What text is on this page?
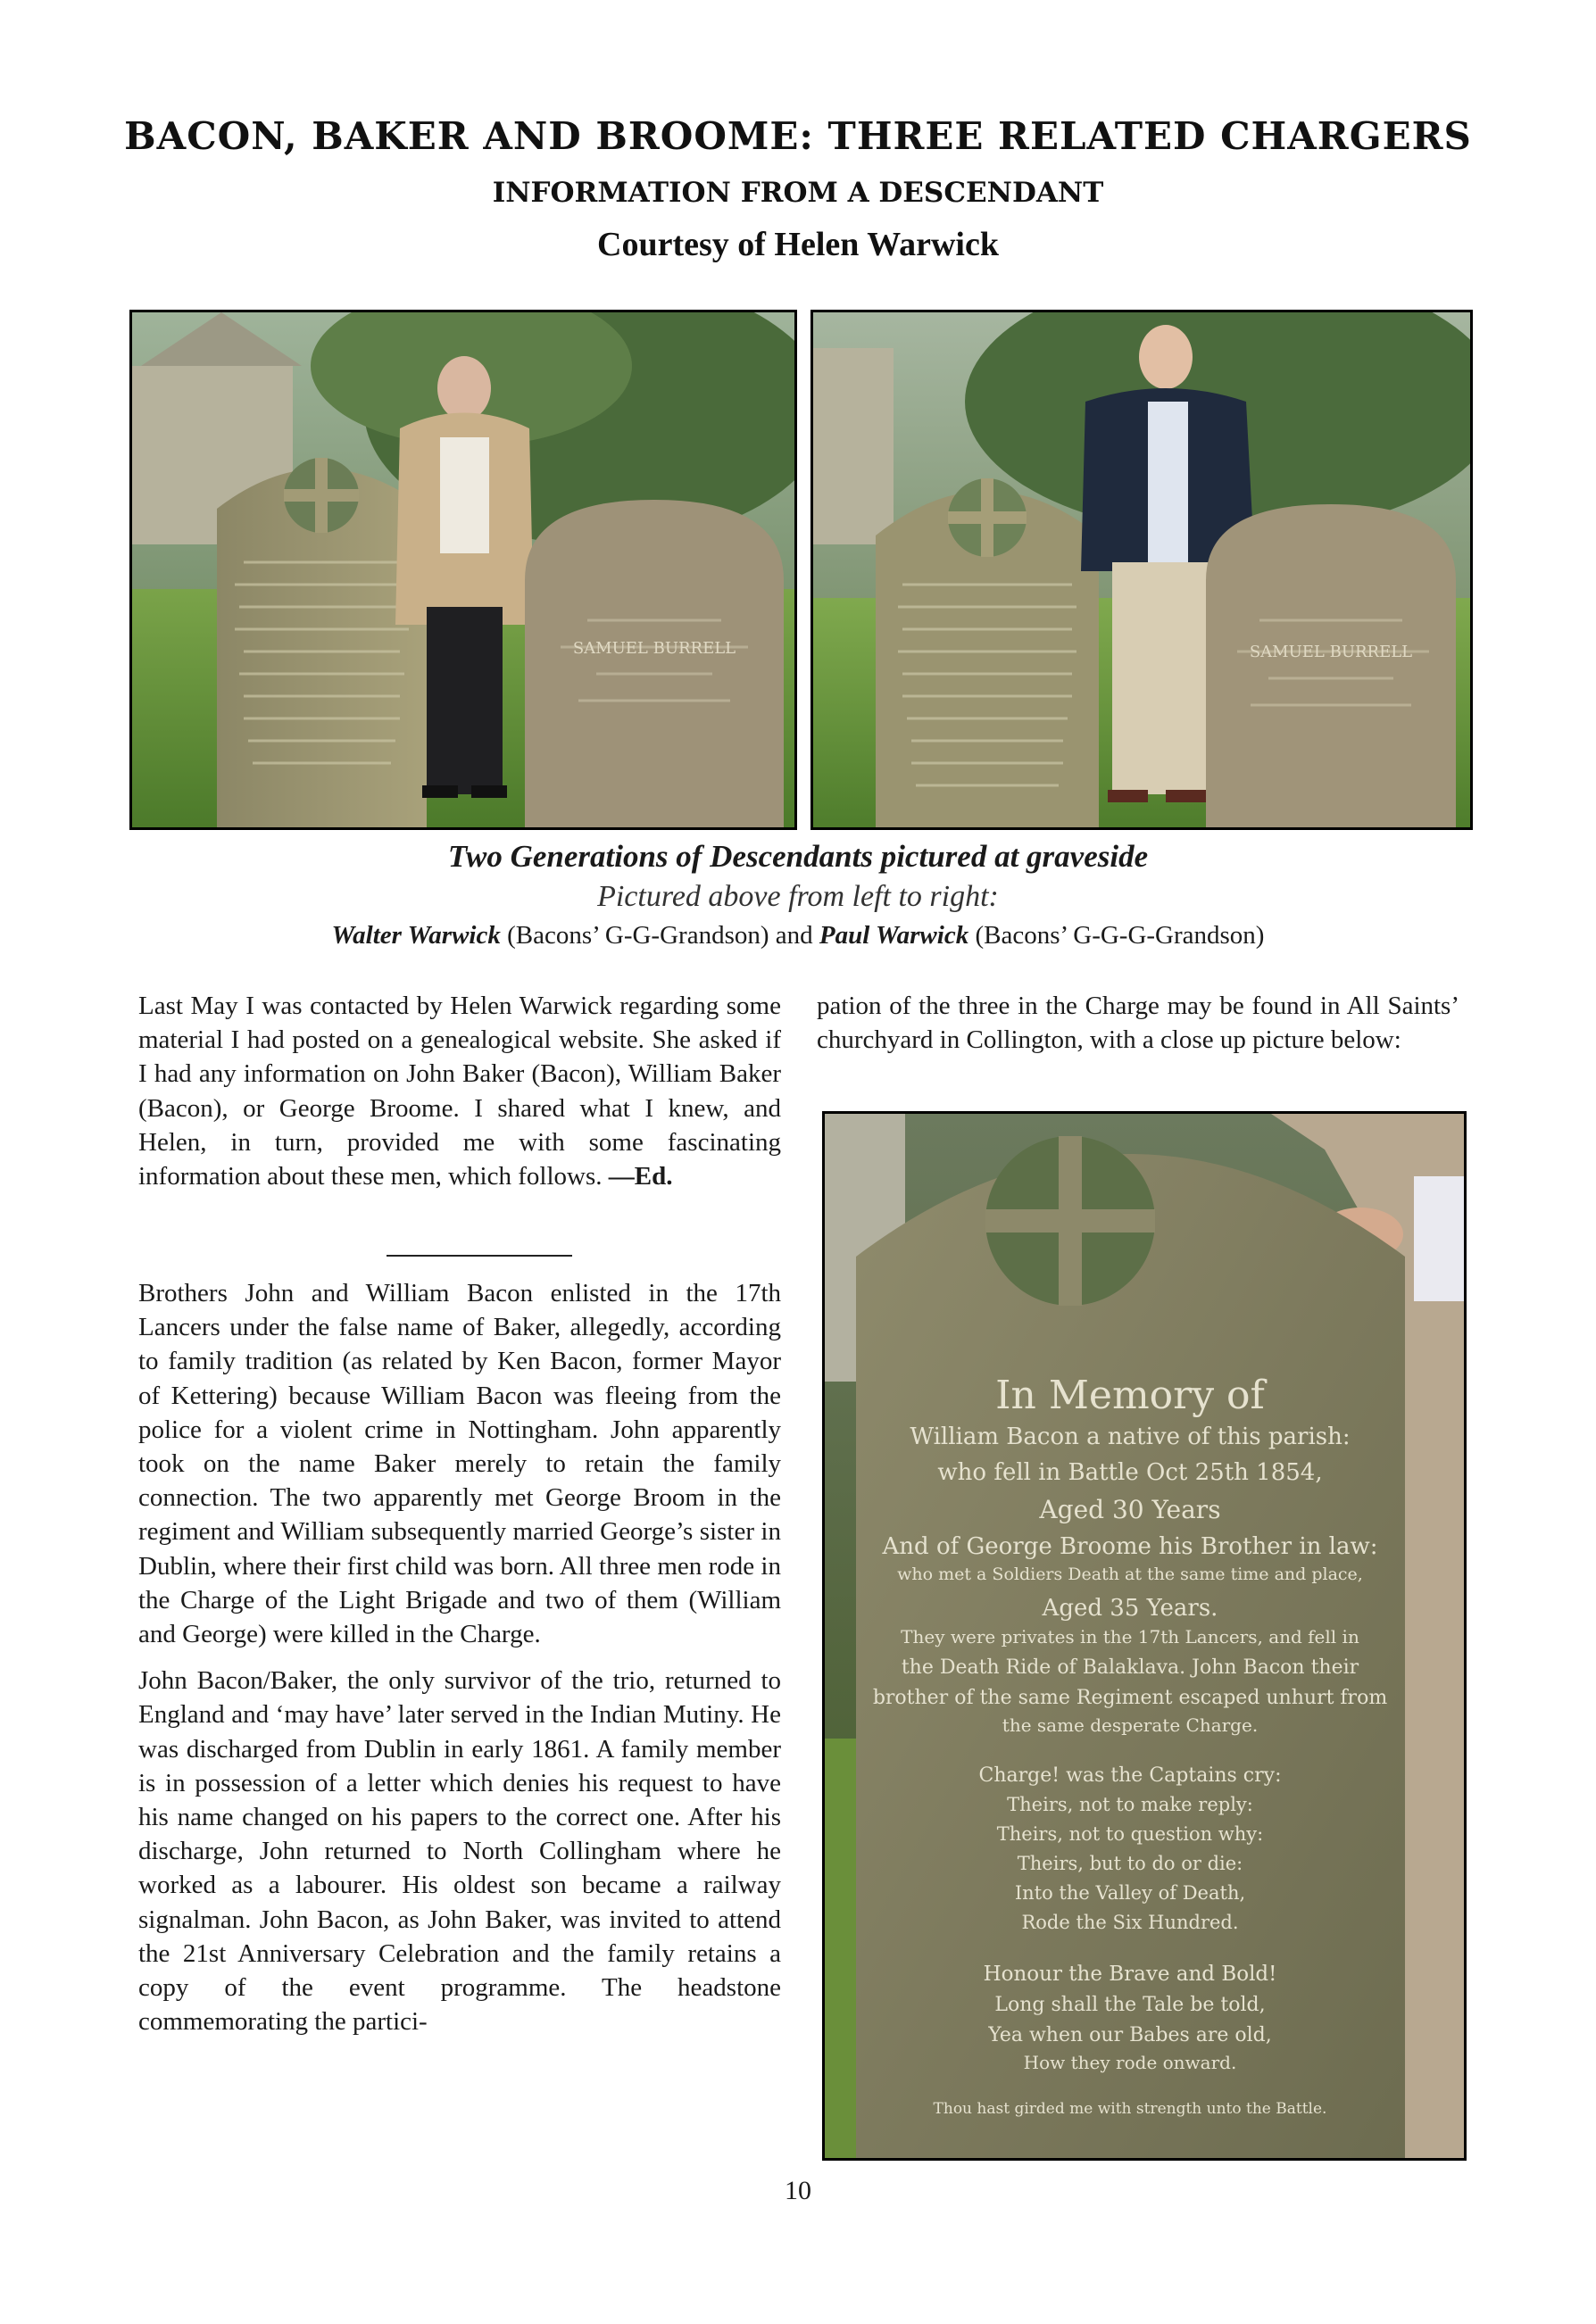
BACON, BAKER AND BROOME: THREE RELATED CHARGERS
INFORMATION FROM A DESCENDANT
Courtesy of Helen Warwick
SAMUEL BURRELL	SAMUEL BURRELL
Two Generations of Descendants pictured at graveside
Pictured above from left to right:
Walter Warwick (Bacons’ G-G-Grandson) and Paul Warwick (Bacons’ G-G-G-Grandson)

Last May I was contacted by Helen Warwick regarding some material I had posted on a genealogical website. She asked if I had any information on John Baker (Bacon), William Baker (Bacon), or George Broome. I shared what I knew, and Helen, in turn, provided me with some fascinating information about these men, which follows. —Ed.

Brothers John and William Bacon enlisted in the 17th Lancers under the false name of Baker, allegedly, according to family tradition (as related by Ken Bacon, former Mayor of Kettering) because William Bacon was fleeing from the police for a violent crime in Nottingham. John apparently took on the name Baker merely to retain the family connection. The two apparently met George Broom in the regiment and William subsequently married George’s sister in Dublin, where their first child was born. All three men rode in the Charge of the Light Brigade and two of them (William and George) were killed in the Charge.

John Bacon/Baker, the only survivor of the trio, returned to England and ‘may have’ later served in the Indian Mutiny. He was discharged from Dublin in early 1861. A family member is in possession of a letter which denies his request to have his name changed on his papers to the correct one. After his discharge, John returned to North Collingham where he worked as a labourer. His oldest son became a railway signalman. John Bacon, as John Baker, was invited to attend the 21st Anniversary Celebration and the family retains a copy of the event programme. The headstone commemorating the partici-

pation of the three in the Charge may be found in All Saints’ churchyard in Collington, with a close up picture below:

In Memory of
William Bacon a native of this parish:
who fell in Battle Oct 25th 1854,
Aged 30 Years
And of George Broome his Brother in law:
who met a Soldiers Death at the same time and place,
Aged 35 Years.
They were privates in the 17th Lancers, and fell in
the Death Ride of Balaklava. John Bacon their
brother of the same Regiment escaped unhurt from
the same desperate Charge.
Charge! was the Captains cry:
Theirs, not to make reply:
Theirs, not to question why:
Theirs, but to do or die:
Into the Valley of Death,
Rode the Six Hundred.
Honour the Brave and Bold!
Long shall the Tale be told,
Yea when our Babes are old,
How they rode onward.
Thou hast girded me with strength unto the Battle.
10
